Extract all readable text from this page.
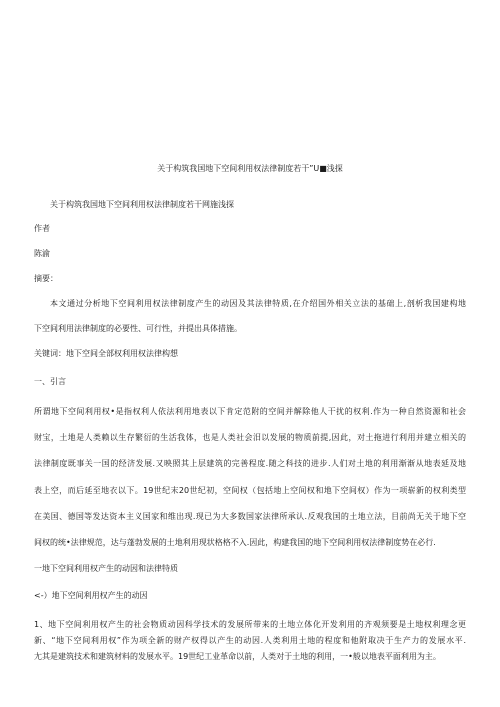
关于构筑我国地下空间利用权法律制度若干”U■浅探
关于构筑我国地下空间利用权法律制度若干网施浅探
作者
陈渝
摘要：
本文通过分析地下空间利用权法律制度产生的动因及其法律特质,在介绍国外相关立法的基础上,剖析我国建构地
下空间利用法律制度的必要性、可行性，并提出具体措施。
关键词：地下空间全部权利用权法律构想
一、引言
所谓地下空间利用权•是指权利人依法利用地表以下肯定范附的空间并解除他人干扰的权利.作为一种自然资源和社会
财宝，土地是人类赖以生存繁衍的生活我体，也是人类社会汨以发展的物质前提,因此，对土拖进行利用并建立相关的
法律制度既事关一国的经济发展.又映照其上层建筑的完善程度.随之科技的进步.人们对土地的利用渐渐从地表延及地
表上空，而后延至地衣以下。19世纪末20世纪初，空间权（包括地上空间权和地下空间权）作为一项崭新的权利类型
在美国、德国等发达资本主义国家和维出现.现已为大多数国家法律所承认.反观我国的土地立法，目前尚无关于地下空
间权的统•法律规范，达与蓬勃发展的土地利用现状格格不入.因此，构建我国的地下空间利用权法律制度势在必行.
一地下空间利用权产生的动因和法律特质
<-）地下空间利用权产生的动因
1、地下空间利用权产生的社会物质动因科学技术的发展所带来的土地立体化开发利用的齐观须要是土地权利理念更
新、“地下空间利用权”作为项全新的财产权得以产生的动因.人类利用土地的程度和他附取决于生产力的发展水平.
尢其是建筑技术和建筑材料的发展水平。19世纪工业革命以前，人类对于土地的利用，一•般以地表平面利用为主。
